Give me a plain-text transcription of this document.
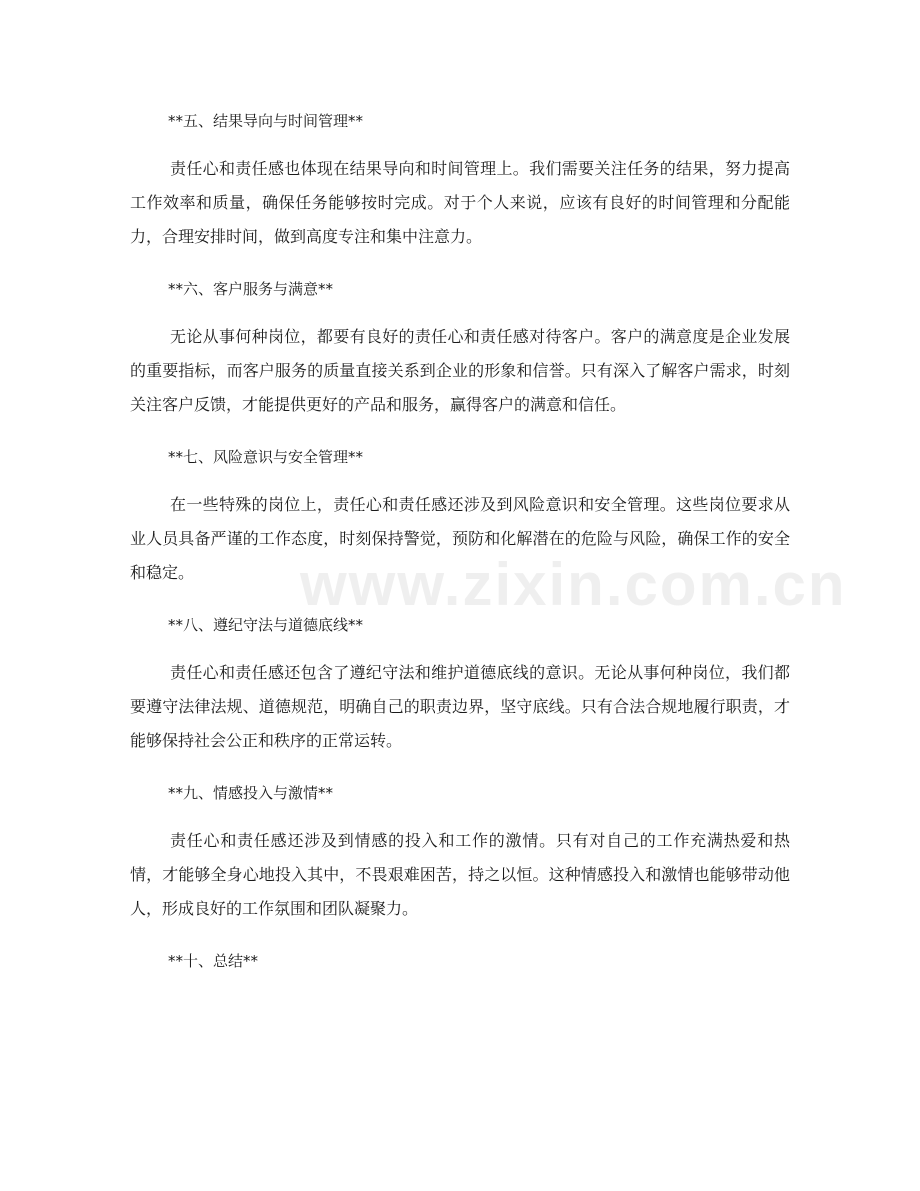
**五、结果导向与时间管理**

责任心和责任感也体现在结果导向和时间管理上。我们需要关注任务的结果，努力提高工作效率和质量，确保任务能够按时完成。对于个人来说，应该有良好的时间管理和分配能力，合理安排时间，做到高度专注和集中注意力。

**六、客户服务与满意**

无论从事何种岗位，都要有良好的责任心和责任感对待客户。客户的满意度是企业发展的重要指标，而客户服务的质量直接关系到企业的形象和信誉。只有深入了解客户需求，时刻关注客户反馈，才能提供更好的产品和服务，赢得客户的满意和信任。

**七、风险意识与安全管理**

在一些特殊的岗位上，责任心和责任感还涉及到风险意识和安全管理。这些岗位要求从业人员具备严谨的工作态度，时刻保持警觉，预防和化解潜在的危险与风险，确保工作的安全和稳定。

**八、遵纪守法与道德底线**

责任心和责任感还包含了遵纪守法和维护道德底线的意识。无论从事何种岗位，我们都要遵守法律法规、道德规范，明确自己的职责边界，坚守底线。只有合法合规地履行职责，才能够保持社会公正和秩序的正常运转。

**九、情感投入与激情**

责任心和责任感还涉及到情感的投入和工作的激情。只有对自己的工作充满热爱和热情，才能够全身心地投入其中，不畏艰难困苦，持之以恒。这种情感投入和激情也能够带动他人，形成良好的工作氛围和团队凝聚力。

**十、总结**
www.zixin.com.cn
